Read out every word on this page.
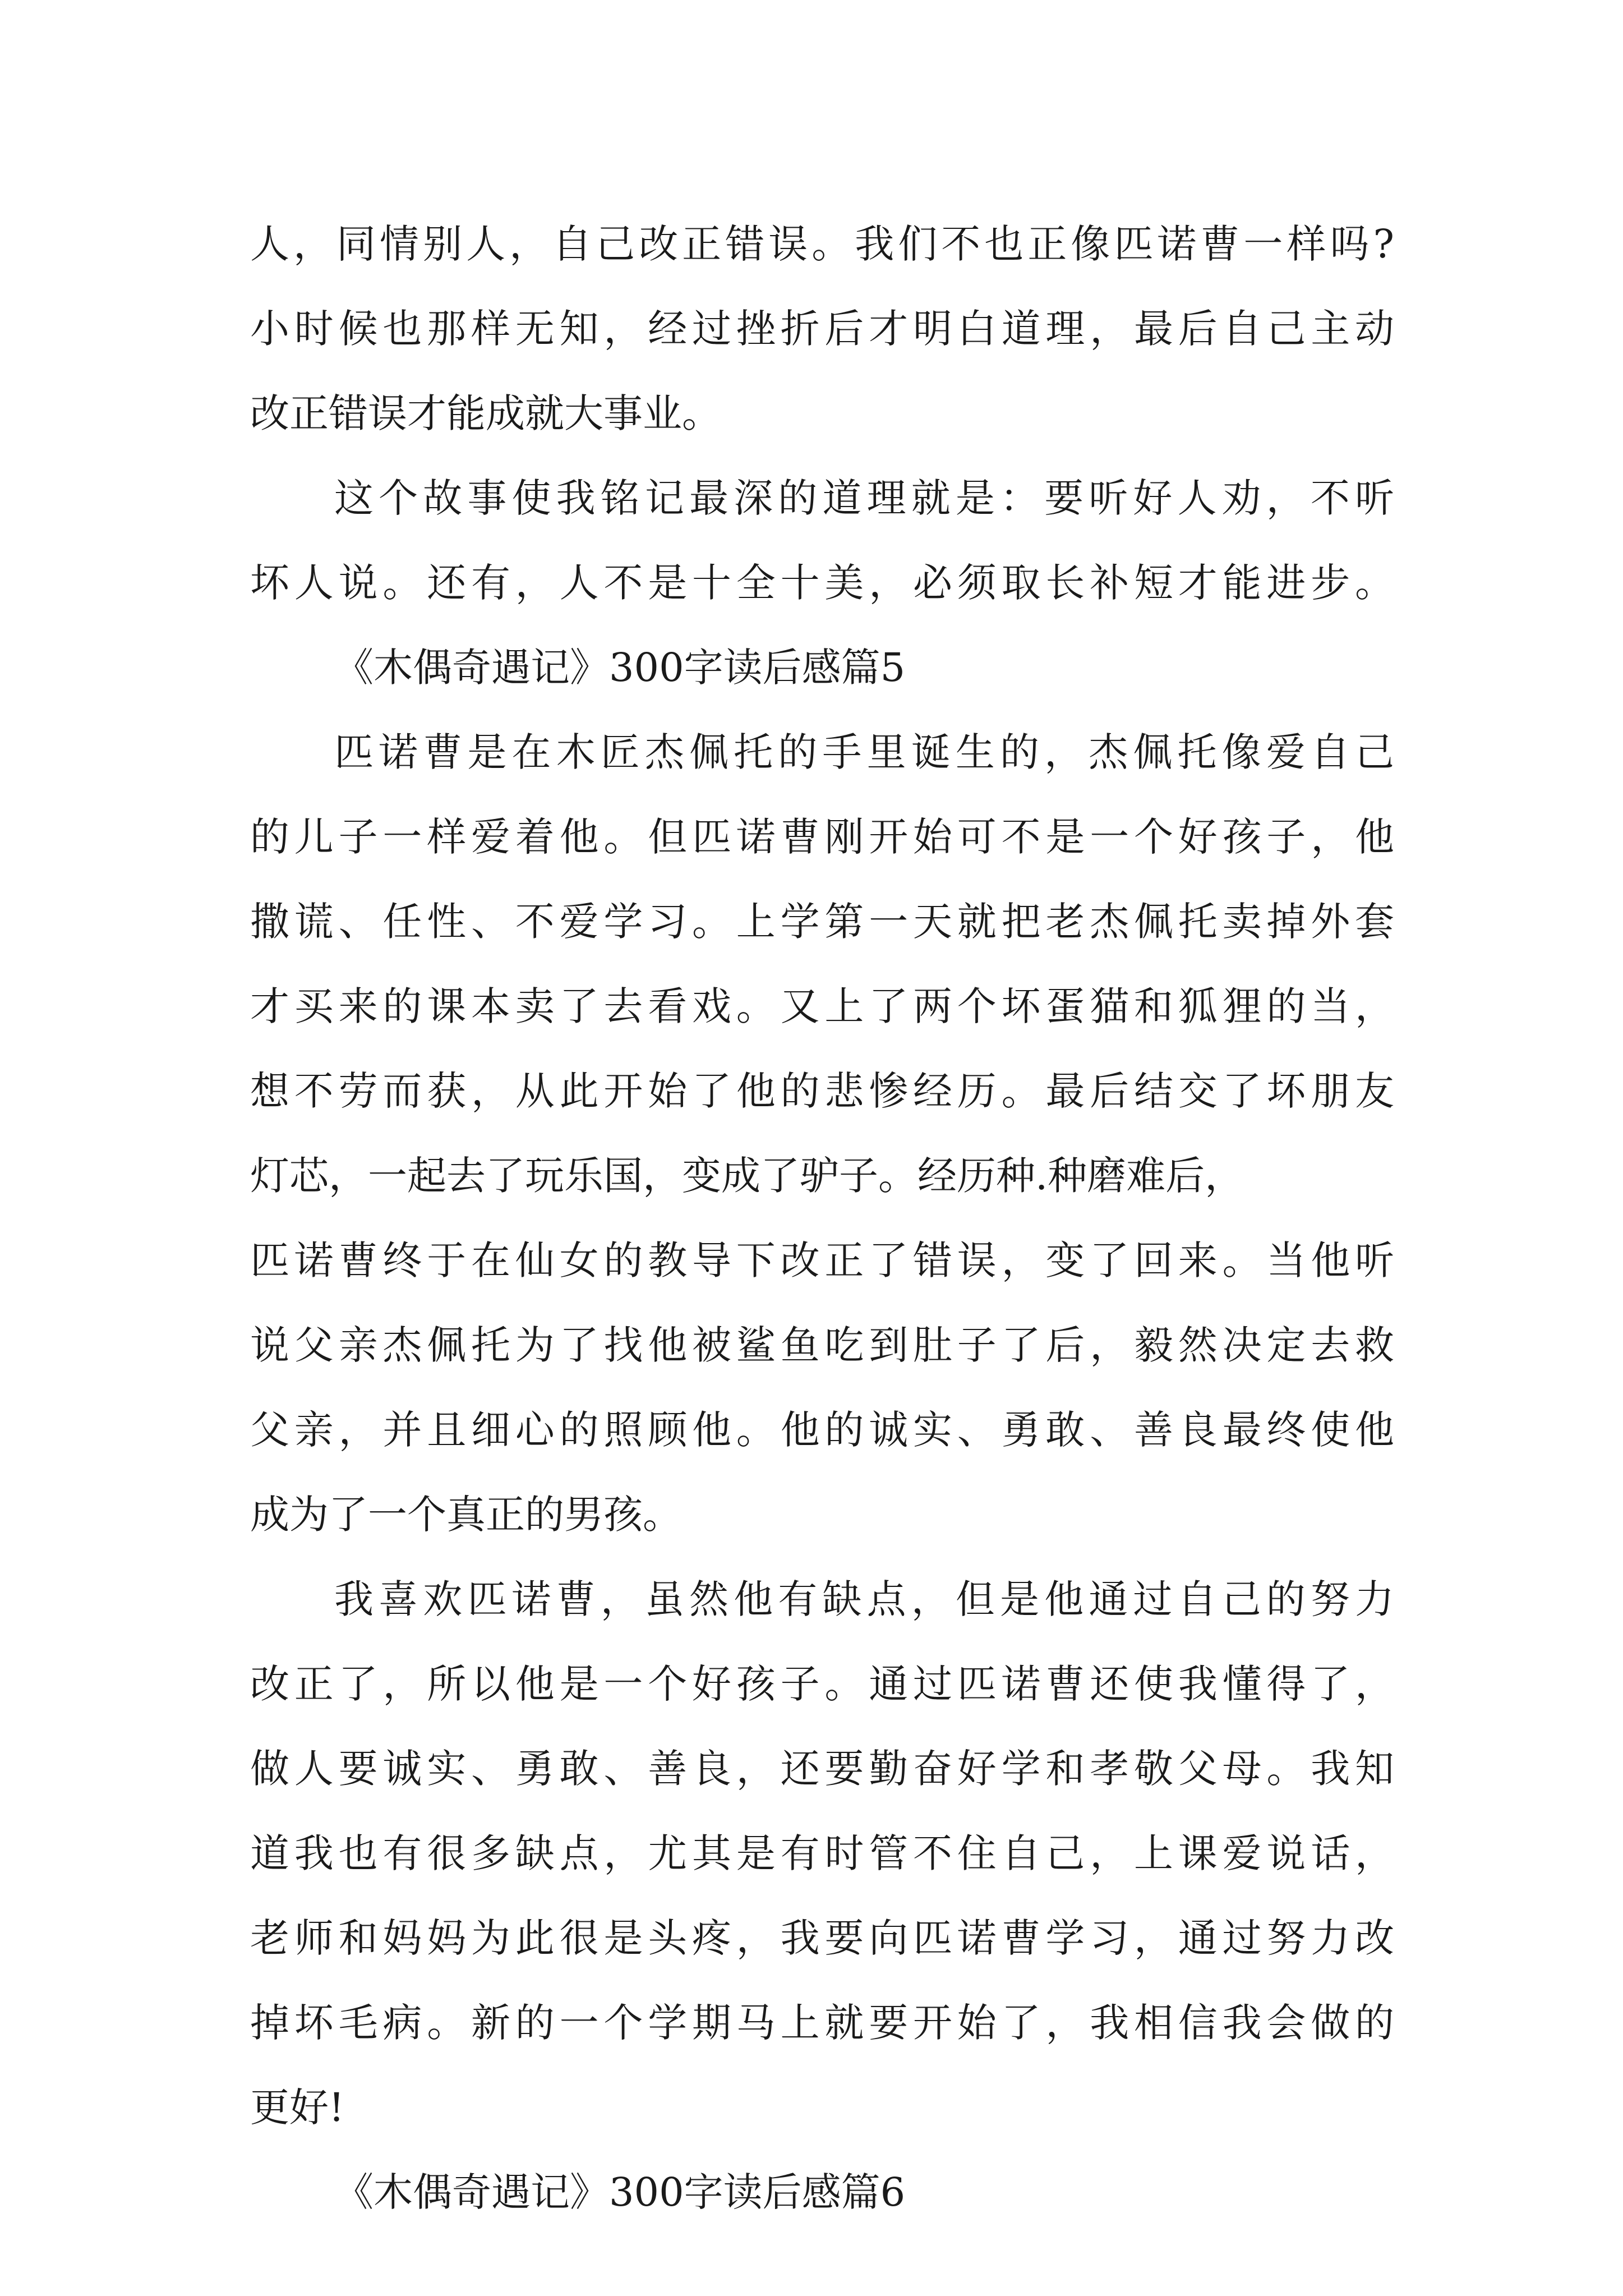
人，同情别人，自己改正错误。我们不也正像匹诺曹一样吗?
小时候也那样无知，经过挫折后才明白道理，最后自己主动
改正错误才能成就大事业。
这个故事使我铭记最深的道理就是：要听好人劝，不听
坏人说。还有，人不是十全十美，必须取长补短才能进步。
《木偶奇遇记》300字读后感篇5
匹诺曹是在木匠杰佩托的手里诞生的，杰佩托像爱自己
的儿子一样爱着他。但匹诺曹刚开始可不是一个好孩子，他
撒谎、任性、不爱学习。上学第一天就把老杰佩托卖掉外套
才买来的课本卖了去看戏。又上了两个坏蛋猫和狐狸的当，
想不劳而获，从此开始了他的悲惨经历。最后结交了坏朋友
灯芯，一起去了玩乐国，变成了驴子。经历种.种磨难后，
匹诺曹终于在仙女的教导下改正了错误，变了回来。当他听
说父亲杰佩托为了找他被鲨鱼吃到肚子了后，毅然决定去救
父亲，并且细心的照顾他。他的诚实、勇敢、善良最终使他
成为了一个真正的男孩。
我喜欢匹诺曹，虽然他有缺点，但是他通过自己的努力
改正了，所以他是一个好孩子。通过匹诺曹还使我懂得了，
做人要诚实、勇敢、善良，还要勤奋好学和孝敬父母。我知
道我也有很多缺点，尤其是有时管不住自己，上课爱说话，
老师和妈妈为此很是头疼，我要向匹诺曹学习，通过努力改
掉坏毛病。新的一个学期马上就要开始了，我相信我会做的
更好!
《木偶奇遇记》300字读后感篇6
